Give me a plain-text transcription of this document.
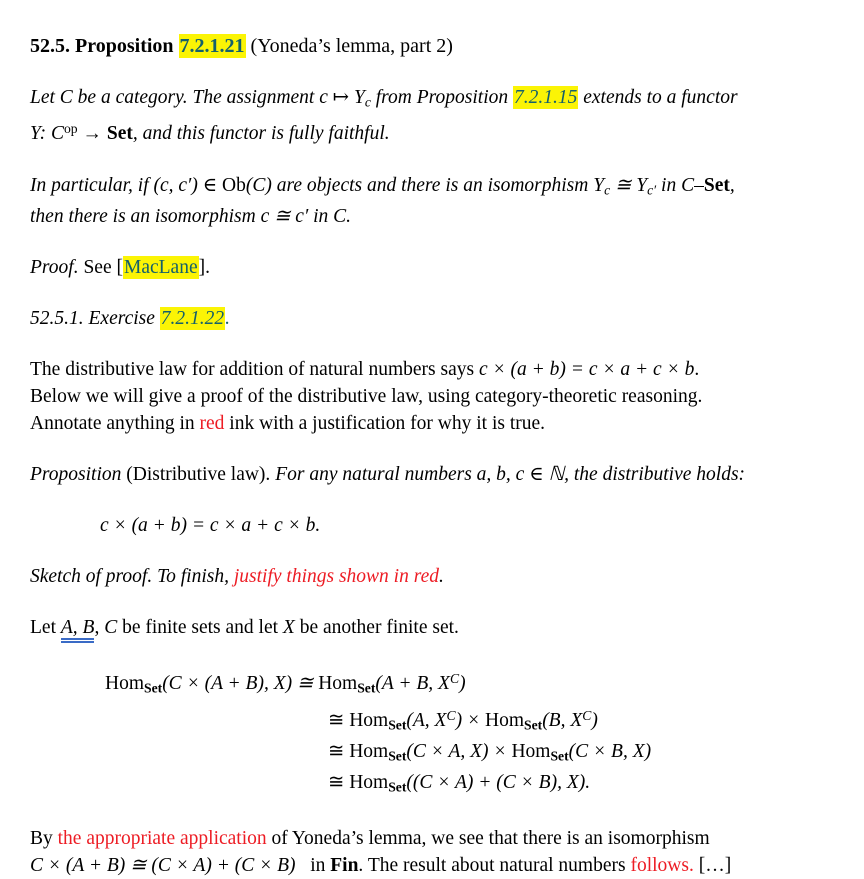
52.5. Proposition 7.2.1.21 (Yoneda’s lemma, part 2)
Let C be a category. The assignment c ↦ $Y_c$ from Proposition 7.2.1.15 extends to a functor
Y: $C^{op}$ → Set, and this functor is fully faithful.
In particular, if (c, c′) ∈ Ob(C) are objects and there is an isomorphism $Y_c$ ≅ $Y_{c'}$ in C–Set,
then there is an isomorphism c ≅ c′ in C.
Proof. See [MacLane].
52.5.1. Exercise 7.2.1.22.
The distributive law for addition of natural numbers says c × (a + b) = c × a + c × b.
Below we will give a proof of the distributive law, using category-theoretic reasoning.
Annotate anything in red ink with a justification for why it is true.
Proposition (Distributive law). For any natural numbers a, b, c ∈ ℕ, the distributive holds:
c × (a + b) = c × a + c × b.
Sketch of proof. To finish, justify things shown in red.
Let A, B, C be finite sets and let X be another finite set.
Hom$_{Set}$(C × (A + B), X) ≅ Hom$_{Set}$(A + B, $X^C$)
≅ Hom$_{Set}$(A, $X^C) \times Hom_{Set}(B$, $X^C$)
≅ Hom$_{Set}$(C × A, X) × Hom$_{Set}$(C × B, X)
≅ Hom$_{Set}$((C × A) + (C × B), X).
By the appropriate application of Yoneda’s lemma, we see that there is an isomorphism
C × (A + B) ≅ (C × A) + (C × B)   in Fin. The result about natural numbers follows. […]
